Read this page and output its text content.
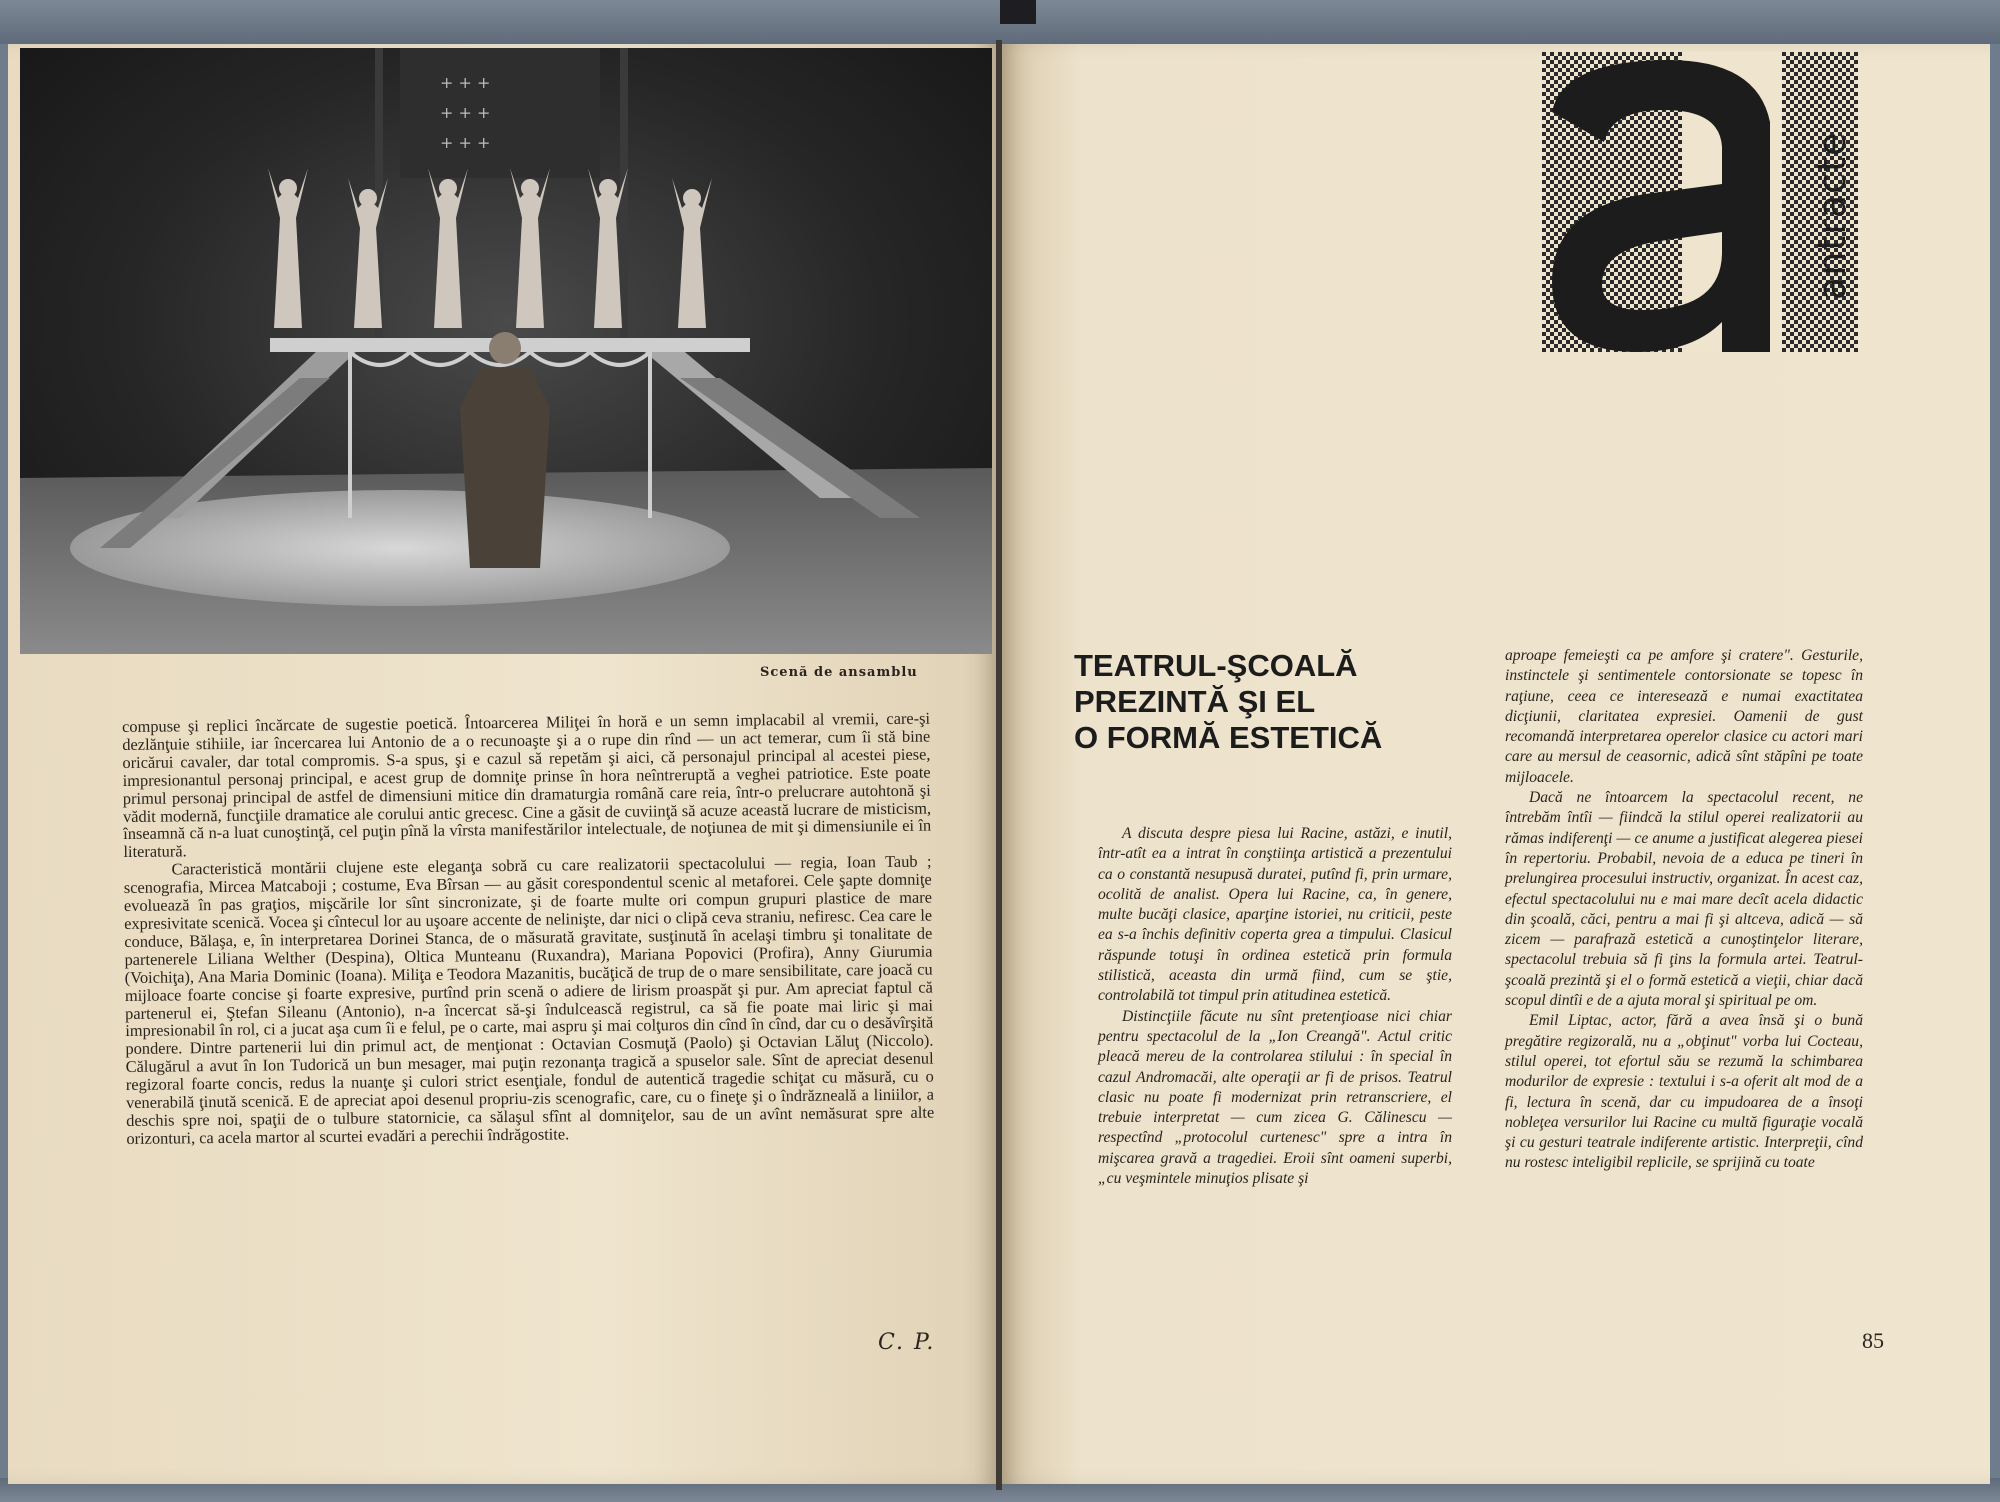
+ + +
+ + +
+ + +
Scenă de ansamblu

compuse şi replici încărcate de sugestie poetică. Întoarcerea Miliţei în horă e un semn implacabil al vremii, care-şi dezlănţuie stihiile, iar încercarea lui Antonio de a o recunoaşte şi a o rupe din rînd — un act temerar, cum îi stă bine oricărui cavaler, dar total compromis. S-a spus, şi e cazul să repetăm şi aici, că personajul principal al acestei piese, impresionantul personaj principal, e acest grup de domniţe prinse în hora neîntreruptă a veghei patriotice. Este poate primul personaj principal de astfel de dimensiuni mitice din dramaturgia română care reia, într-o prelucrare autohtonă şi vădit modernă, funcţiile dramatice ale corului antic grecesc. Cine a găsit de cuviinţă să acuze această lucrare de misticism, înseamnă că n-a luat cunoştinţă, cel puţin pînă la vîrsta manifestărilor intelectuale, de noţiunea de mit şi dimensiunile ei în literatură.

Caracteristică montării clujene este eleganţa sobră cu care realizatorii spectacolului — regia, Ioan Taub ; scenografia, Mircea Matcaboji ; costume, Eva Bîrsan — au găsit corespondentul scenic al metaforei. Cele şapte domniţe evoluează în pas graţios, mişcările lor sînt sincronizate, şi de foarte multe ori compun grupuri plastice de mare expresivitate scenică. Vocea şi cîntecul lor au uşoare accente de nelinişte, dar nici o clipă ceva straniu, nefiresc. Cea care le conduce, Bălaşa, e, în interpretarea Dorinei Stanca, de o măsurată gravitate, susţinută în acelaşi timbru şi tonalitate de partenerele Liliana Welther (Despina), Oltica Munteanu (Ruxandra), Mariana Popovici (Profira), Anny Giurumia (Voichiţa), Ana Maria Dominic (Ioana). Miliţa e Teodora Mazanitis, bucăţică de trup de o mare sensibilitate, care joacă cu mijloace foarte concise şi foarte expresive, purtînd prin scenă o adiere de lirism proaspăt şi pur. Am apreciat faptul că partenerul ei, Ştefan Sileanu (Antonio), n-a încercat să-şi îndulcească registrul, ca să fie poate mai liric şi mai impresionabil în rol, ci a jucat aşa cum îi e felul, pe o carte, mai aspru şi mai colţuros din cînd în cînd, dar cu o desăvîrşită pondere. Dintre partenerii lui din primul act, de menţionat : Octavian Cosmuţă (Paolo) şi Octavian Lăluţ (Niccolo). Călugărul a avut în Ion Tudorică un bun mesager, mai puţin rezonanţa tragică a spuselor sale. Sînt de apreciat desenul regizoral foarte concis, redus la nuanţe şi culori strict esenţiale, fondul de autentică tragedie schiţat cu măsură, cu o venerabilă ţinută scenică. E de apreciat apoi desenul propriu-zis scenografic, care, cu o fineţe şi o îndrăzneală a liniilor, a deschis spre noi, spaţii de o tulbure statornicie, ca sălaşul sfînt al domniţelor, sau de un avînt nemăsurat spre alte orizonturi, ca acela martor al scurtei evadări a perechii îndrăgostite.

C. P.
antracte
TEATRUL-ŞCOALĂ
PREZINTĂ ŞI EL
O FORMĂ ESTETICĂ

A discuta despre piesa lui Racine, astăzi, e inutil, într-atît ea a intrat în conştiinţa artistică a prezentului ca o constantă nesupusă duratei, putînd fi, prin urmare, ocolită de analist. Opera lui Racine, ca, în genere, multe bucăţi clasice, aparţine istoriei, nu criticii, peste ea s-a închis definitiv coperta grea a timpului. Clasicul răspunde totuşi în ordinea estetică prin formula stilistică, aceasta din urmă fiind, cum se ştie, controlabilă tot timpul prin atitudinea estetică.

Distincţiile făcute nu sînt pretenţioase nici chiar pentru spectacolul de la „Ion Creangă". Actul critic pleacă mereu de la controlarea stilului : în special în cazul Andromacăi, alte operaţii ar fi de prisos. Teatrul clasic nu poate fi modernizat prin retranscriere, el trebuie interpretat — cum zicea G. Călinescu — respectînd „protocolul curtenesc" spre a intra în mişcarea gravă a tragediei. Eroii sînt oameni superbi, „cu veşmintele minuţios plisate şi

aproape femeieşti ca pe amfore şi cratere". Gesturile, instinctele şi sentimentele contorsionate se topesc în raţiune, ceea ce interesează e numai exactitatea dicţiunii, claritatea expresiei. Oamenii de gust recomandă interpretarea operelor clasice cu actori mari care au mersul de ceasornic, adică sînt stăpîni pe toate mijloacele.

Dacă ne întoarcem la spectacolul recent, ne întrebăm întîi — fiindcă la stilul operei realizatorii au rămas indiferenţi — ce anume a justificat alegerea piesei în repertoriu. Probabil, nevoia de a educa pe tineri în prelungirea procesului instructiv, organizat. În acest caz, efectul spectacolului nu e mai mare decît acela didactic din şcoală, căci, pentru a mai fi şi altceva, adică — să zicem — parafrază estetică a cunoştinţelor literare, spectacolul trebuia să fi ţins la formula artei. Teatrul-şcoală prezintă şi el o formă estetică a vieţii, chiar dacă scopul dintîi e de a ajuta moral şi spiritual pe om.

Emil Liptac, actor, fără a avea însă şi o bună pregătire regizorală, nu a „obţinut" vorba lui Cocteau, stilul operei, tot efortul său se rezumă la schimbarea modurilor de expresie : textului i s-a oferit alt mod de a fi, lectura în scenă, dar cu impudoarea de a însoţi nobleţea versurilor lui Racine cu multă figuraţie vocală şi cu gesturi teatrale indiferente artistic. Interpreţii, cînd nu rostesc inteligibil replicile, se sprijină cu toate

85
